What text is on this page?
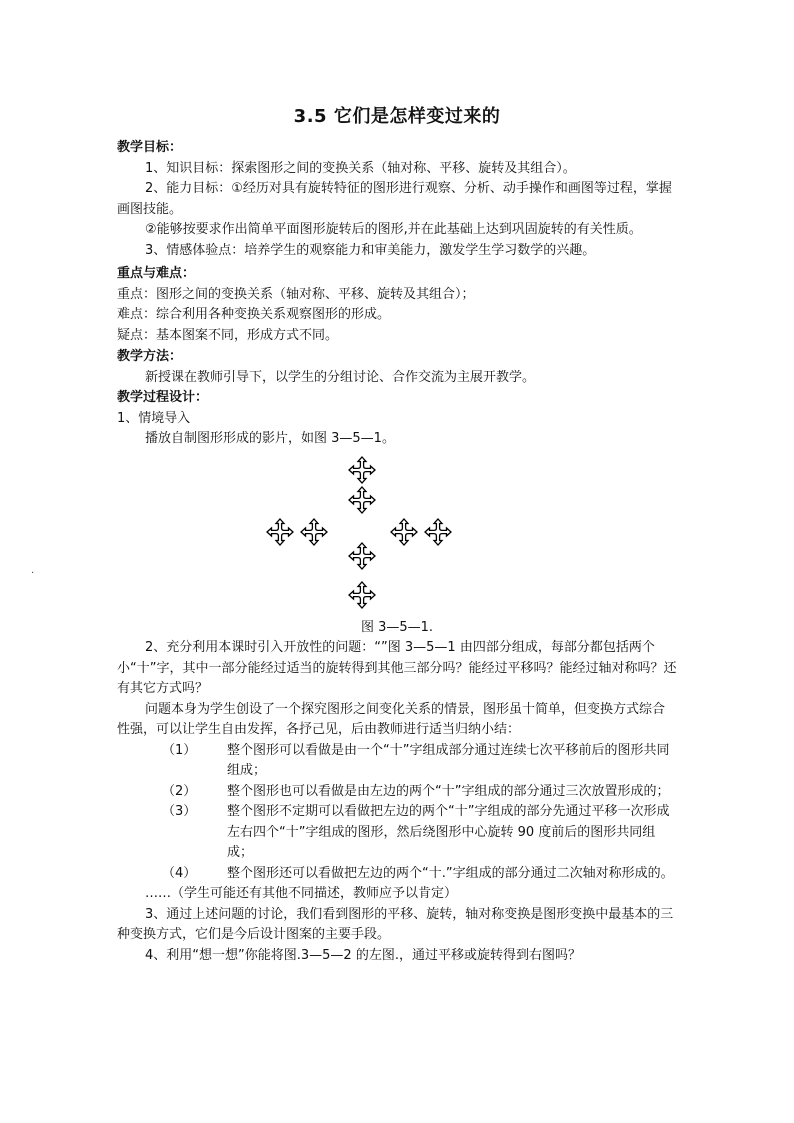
.
3.5 它们是怎样变过来的
教学目标：
1、知识目标：探索图形之间的变换关系（轴对称、平移、旋转及其组合）。
2、能力目标：①经历对具有旋转特征的图形进行观察、分析、动手操作和画图等过程，掌握画图技能。
②能够按要求作出简单平面图形旋转后的图形,并在此基础上达到巩固旋转的有关性质。
3、情感体验点：培养学生的观察能力和审美能力，激发学生学习数学的兴趣。
重点与难点：
重点：图形之间的变换关系（轴对称、平移、旋转及其组合）；
难点：综合利用各种变换关系观察图形的形成。
疑点：基本图案不同，形成方式不同。
教学方法：
新授课在教师引导下，以学生的分组讨论、合作交流为主展开教学。
教学过程设计：
1、情境导入
播放自制图形形成的影片，如图 3—5—1。
图 3—5—1.
2、充分利用本课时引入开放性的问题：“”图 3—5—1 由四部分组成，每部分都包括两个小“十”字，其中一部分能经过适当的旋转得到其他三部分吗？能经过平移吗？能经过轴对称吗？还有其它方式吗？
问题本身为学生创设了一个探究图形之间变化关系的情景，图形虽十简单，但变换方式综合性强，可以让学生自由发挥，各抒己见，后由教师进行适当归纳小结：
（1） 整个图形可以看做是由一个“十”字组成部分通过连续七次平移前后的图形共同组成；
（2） 整个图形也可以看做是由左边的两个“十”字组成的部分通过三次放置形成的；
（3） 整个图形不定期可以看做把左边的两个“十”字组成的部分先通过平移一次形成左右四个“十”字组成的图形，然后绕图形中心旋转 90 度前后的图形共同组成；
（4） 整个图形还可以看做把左边的两个“十.”字组成的部分通过二次轴对称形成的。
……（学生可能还有其他不同描述，教师应予以肯定）
3、通过上述问题的讨论，我们看到图形的平移、旋转，轴对称变换是图形变换中最基本的三种变换方式，它们是今后设计图案的主要手段。
4、利用“想一想”你能将图.3—5—2 的左图.，通过平移或旋转得到右图吗？
